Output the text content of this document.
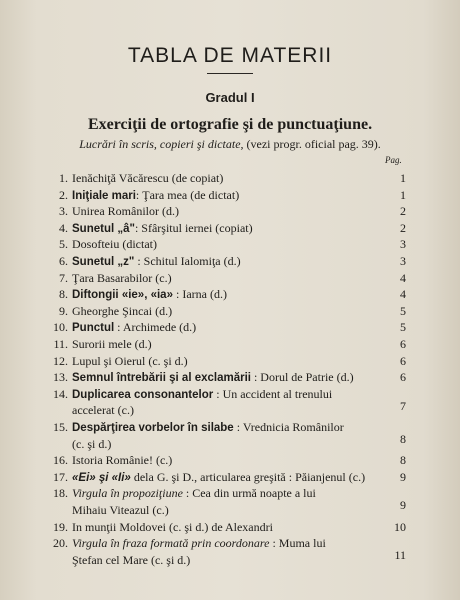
TABLA DE MATERII
Gradul I
Exerciţii de ortografie şi de punctuaţiune.
Lucrări în scris, copieri şi dictate, (vezi progr. oficial pag. 39).
Pag.
1. Ienăchiţă Văcărescu (de copiat)	1
2. Iniţiale mari: Ţara mea (de dictat)	1
3. Unirea Românilor (d.)	2
4. Sunetul „â": Sfârşitul iernei (copiat)	2
5. Dosofteiu (dictat)	3
6. Sunetul „z" : Schitul Ialomiţa (d.)	3
7. Ţara Basarabilor (c.)	4
8. Diftongii «ie», «ia» : Iarna (d.)	4
9. Gheorghe Şincai (d.)	5
10. Punctul : Archimede (d.)	5
11. Surorii mele (d.)	6
12. Lupul şi Oierul (c. şi d.)	6
13. Semnul întrebării şi al exclamării : Dorul de Patrie (d.)	6
14. Duplicarea consonantelor : Un accident al trenului
accelerat (c.)	7
15. Despărţirea vorbelor în silabe : Vrednicia Românilor
(c. şi d.)	8
16. Istoria Românie! (c.)	8
17. «Ei» şi «Ii» dela G. şi D., articularea greşită : Păianjenul (c.)	9
18. Virgula în propoziţiune : Cea din urmă noapte a lui
Mihaiu Viteazul (c.)	9
19. In munţii Moldovei (c. şi d.) de Alexandri	10
20. Virgula în fraza formată prin coordonare : Muma lui
Ştefan cel Mare (c. şi d.)	11
